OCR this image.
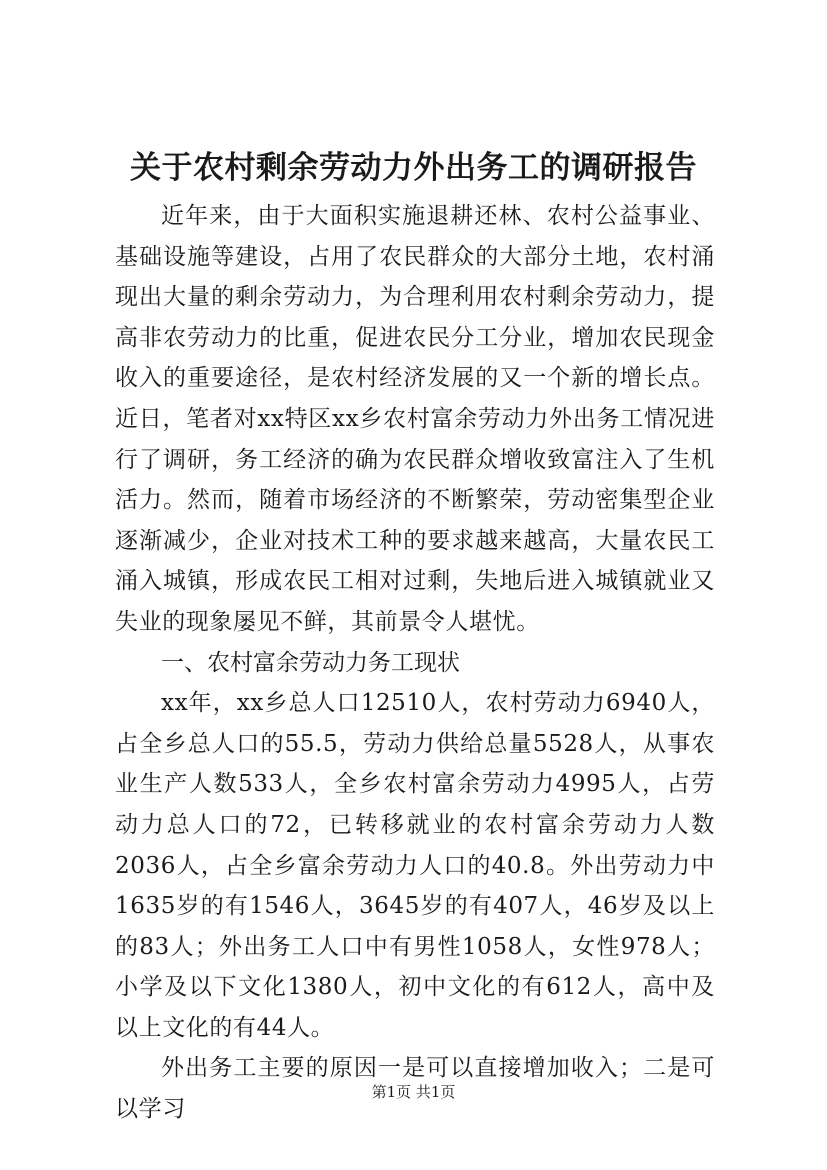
关于农村剩余劳动力外出务工的调研报告

近年来，由于大面积实施退耕还林、农村公益事业、基础设施等建设，占用了农民群众的大部分土地，农村涌现出大量的剩余劳动力，为合理利用农村剩余劳动力，提高非农劳动力的比重，促进农民分工分业，增加农民现金收入的重要途径，是农村经济发展的又一个新的增长点。近日，笔者对xx特区xx乡农村富余劳动力外出务工情况进行了调研，务工经济的确为农民群众增收致富注入了生机活力。然而，随着市场经济的不断繁荣，劳动密集型企业逐渐减少，企业对技术工种的要求越来越高，大量农民工涌入城镇，形成农民工相对过剩，失地后进入城镇就业又失业的现象屡见不鲜，其前景令人堪忧。

一、农村富余劳动力务工现状

xx年，xx乡总人口12510人，农村劳动力6940人，占全乡总人口的55.5，劳动力供给总量5528人，从事农业生产人数533人，全乡农村富余劳动力4995人，占劳动力总人口的72，已转移就业的农村富余劳动力人数2036人，占全乡富余劳动力人口的40.8。外出劳动力中1635岁的有1546人，3645岁的有407人，46岁及以上的83人；外出务工人口中有男性1058人，女性978人；小学及以下文化1380人，初中文化的有612人，高中及以上文化的有44人。

外出务工主要的原因一是可以直接增加收入；二是可以学习

第1页 共1页
